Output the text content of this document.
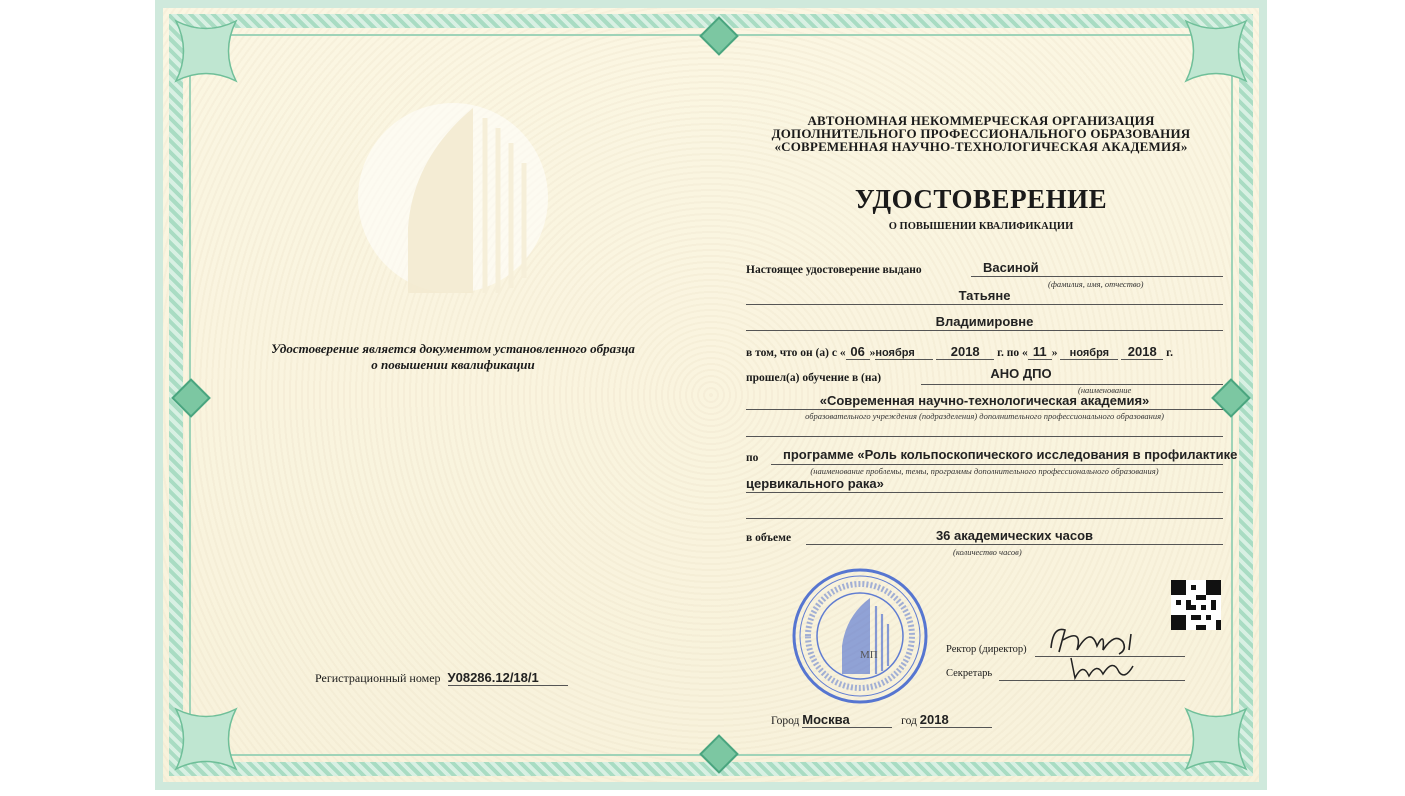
Удостоверение является документом установленного образца
о повышении квалификации
Регистрационный номер У08286.12/18/1
АВТОНОМНАЯ НЕКОММЕРЧЕСКАЯ ОРГАНИЗАЦИЯ
ДОПОЛНИТЕЛЬНОГО ПРОФЕССИОНАЛЬНОГО ОБРАЗОВАНИЯ
«СОВРЕМЕННАЯ НАУЧНО-ТЕХНОЛОГИЧЕСКАЯ АКАДЕМИЯ»
УДОСТОВЕРЕНИЕ
О ПОВЫШЕНИИ КВАЛИФИКАЦИИ
Настоящее удостоверение выдано	Васиной
(фамилия, имя, отчество)
Татьяне
Владимировне
в том, что он (а) с « 06 »ноября	2018 г. по « 11 » ноября 2018 г.
прошел(а) обучение в (на)	АНО ДПО
(наименование
«Современная научно-технологическая академия»
образовательного учреждения (подразделения) дополнительного профессионального образования)
по программе «Роль кольпоскопического исследования в профилактике
(наименование проблемы, темы, программы дополнительного профессионального образования)
цервикального рака»
в объеме	36 академических часов
(количество часов)
МП	Ректор (директор)
Секретарь
Город Москва	год 2018
